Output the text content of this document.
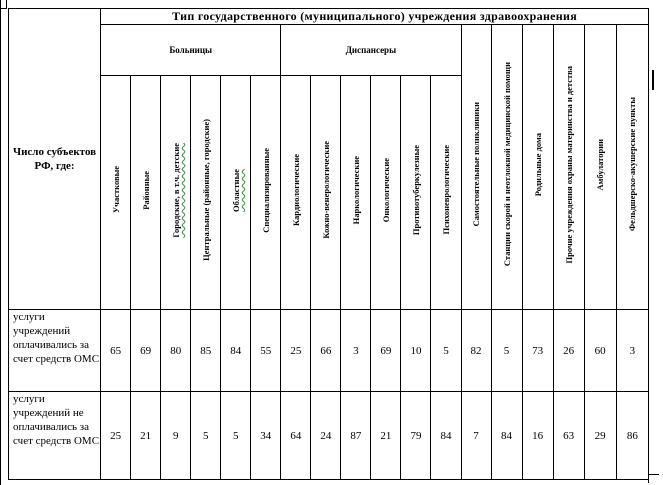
Число субъектов РФ, где:	Тип государственного (муниципального) учреждения здравоохранения																	
	Больницы						Диспансеры						Самостоятельные поликлиники	Станции скорой и неотложной медицинской помощи	Родильные дома	Прочие учреждения охраны материнства и детства	Амбулатории	Фельдшерско-акушерские пункты
	Участковые	Районные	Городские, в т.ч. детские	Центральные (районные, городские)	Областные	Специализированные	Кардиологические	Кожно-венерологические	Наркологические	Онкологические	Противотуберкулезные	Психоневрологические						
услуги учреждений оплачивались за счет средств ОМС	65	69	80	85	84	55	25	66	3	69	10	5	82	5	73	26	60	3
услуги учреждений не оплачивались за счет средств ОМС	25	21	9	5	5	34	64	24	87	21	79	84	7	84	16	63	29	86
